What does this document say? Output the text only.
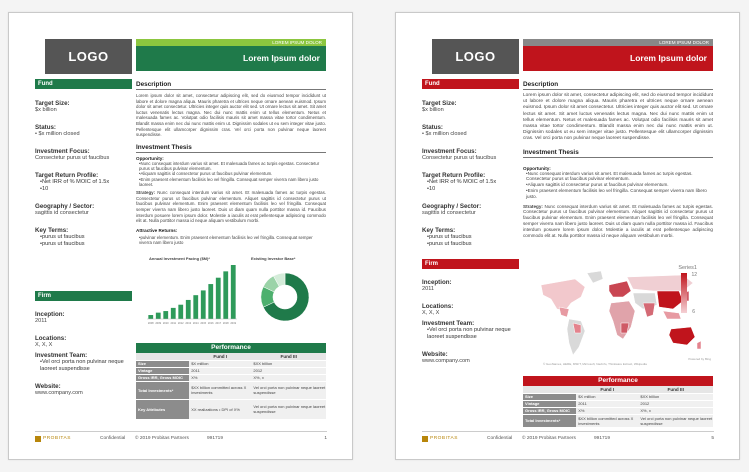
LOGO
LOREM IPSUM DOLOR
Lorem Ipsum dolor
Fund
Target Size:
$x billion
Status:
• $x million closed
Investment Focus:
Consectetur purus ut faucibus
Target Return Profile:
• Net IRR of % MOIC of 1.5x
• 10
Geography / Sector:
sagittis id consectetur
Key Terms:
• purus ut faucibus
• purus ut faucibus
Firm
Inception:
2011
Locations:
X, X, X
Investment Team:
• Vel orci porta non pulvinar neque laoreet suspendisse
Website:
www.company.com
Description
Lorem ipsum dolor sit amet, consectetur adipiscing elit, sed do eiusmod tempor incididunt ut labore et dolore magna aliqua. Mauris pharetra et ultrices neque ornare aenean euismod. Ipsum dolor sit amet consectetur. Ultricies integer quis auctor elit sed. Ut ornare lectus sit amet. Sit amet luctus venenatis lectus magna. Nec dui nunc mattis enim ut tellus elementum. Netus et malesuada fames ac. Volutpat odio facilisis mauris sit amet massa vitae tortor condimentum. Blandit massa enim nec dui nunc mattis enim ut. Dignissim sodales ut eu sem integer vitae justo. Pellentesque elit ullamcorper dignissim cras. Vel orci porta non pulvinar neque laoreet suspendisse.
Investment Thesis
Opportunity:
• Nunc consequat interdum varius sit amet. Et malesuada fames ac turpis egestas. Consectetur purus ut faucibus pulvinar elementum.
• Aliquam sagittis id consectetur purus ut faucibus pulvinar elementum.
• Enim praesent elementum facilisis leo vel fringilla. Consequat semper viverra nam libero justo laoreet.
Strategy: Nunc consequat interdum varius sit amet. Et malesuada fames ac turpis egestas. Consectetur purus ut faucibus pulvinar elementum. Aliquet sagittis id consectetur purus ut faucibus pulvinar elementum. Enim praesent elementum facilisis leo vel fringilla. Consequat semper viverra nam libero justo laoreet. Duis ut diam quam nulla porttitor massa id. Faucibus interdum posuere lorem ipsum dolor. Molestie a iaculis at erat pellentesque adipiscing commodo elit at. Nulla porttitor massa id neque aliquam vestibulum morbi.
Attractive Returns:
• pulvinar elementum. Enim praesent elementum facilisis leo vel fringilla. Consequat semper viverra nam libero justo
Annual Investment Pacing ($M)*
2008 2009 2010 2011 2012 2013 2014 2015 2016 2017 2018 2019
Existing Investor Base*
Performance
	Fund I	Fund III
Size	$X million	$XX billion
Vintage	2011	2012
Gross IRR, Gross MOIC	X%	X%, x
Total Investments*	$XX billion committed across X investments	Vel orci porta non pulvinar neque laoreet suspendisse
Key Attributes	XX realizations • DPI of X%	Vel orci porta non pulvinar neque laoreet suspendisse
PROBITAS	Confidential	© 2019 Probitas Partners	991719	1
LOGO
LOREM IPSUM DOLOR
Lorem Ipsum dolor
Fund
Target Size:
$x billion
Status:
• $x million closed
Investment Focus:
Consectetur purus ut faucibus
Target Return Profile:
• Net IRR of % MOIC of 1.5x
• 10
Geography / Sector:
sagittis id consectetur
Key Terms:
• purus ut faucibus
• purus ut faucibus
Firm
Inception:
2011
Locations:
X, X, X
Investment Team:
• Vel orci porta non pulvinar neque laoreet suspendisse
Website:
www.company.com
Description
Lorem ipsum dolor sit amet, consectetur adipiscing elit, sed do eiusmod tempor incididunt ut labore et dolore magna aliqua. Mauris pharetra et ultrices neque ornare aenean euismod. Ipsum dolor sit amet consectetur. Ultricies integer quis auctor elit sed. Ut ornare lectus sit amet. Sit amet luctus venenatis lectus magna. Nec dui nunc mattis enim ut tellus elementum. Netus et malesuada fames ac. Volutpat odio facilisis mauris sit amet massa vitae tortor condimentum. Blandit massa enim nec dui nunc mattis enim ut. Dignissim sodales ut eu sem integer vitae justo. Pellentesque elit ullamcorper dignissim cras. Vel orci porta non pulvinar neque laoreet suspendisse.
Investment Thesis
Opportunity:
• Nunc consequat interdum varius sit amet. Et malesuada fames ac turpis egestas. Consectetur purus ut faucibus pulvinar elementum.
• Aliquam sagittis id consectetur purus ut faucibus pulvinar elementum.
• Enim praesent elementum facilisis leo vel fringilla. Consequat semper viverra nam libero justo.
Strategy: Nunc consequat interdum varius sit amet. Et malesuada fames ac turpis egestas. Consectetur purus ut faucibus pulvinar elementum. Aliquet sagittis id consectetur purus ut faucibus pulvinar elementum. Enim praesent elementum facilisis leo vel fringilla. Consequat semper viverra nam libero justo laoreet. Duis ut diam quam nulla porttitor massa id. Faucibus interdum posuere lorem ipsum dolor. Molestie a iaculis at erat pellentesque adipiscing commodo elit at. Nulla porttitor massa id neque aliquam vestibulum morbi.
Series1
12
6
Powered by Bing
© GeoNames, HERE, MSFT, Microsoft, NavInfo, Thinkware Extract, Wikipedia
Performance
	Fund I	Fund III
Size	$X million	$XX billion
Vintage	2011	2012
Gross IRR, Gross MOIC	X%	X%, x
Total Investments*	$XX billion committed across X investments	Vel orci porta non pulvinar neque laoreet suspendisse
PROBITAS	Confidential	© 2019 Probitas Partners	991719	5
